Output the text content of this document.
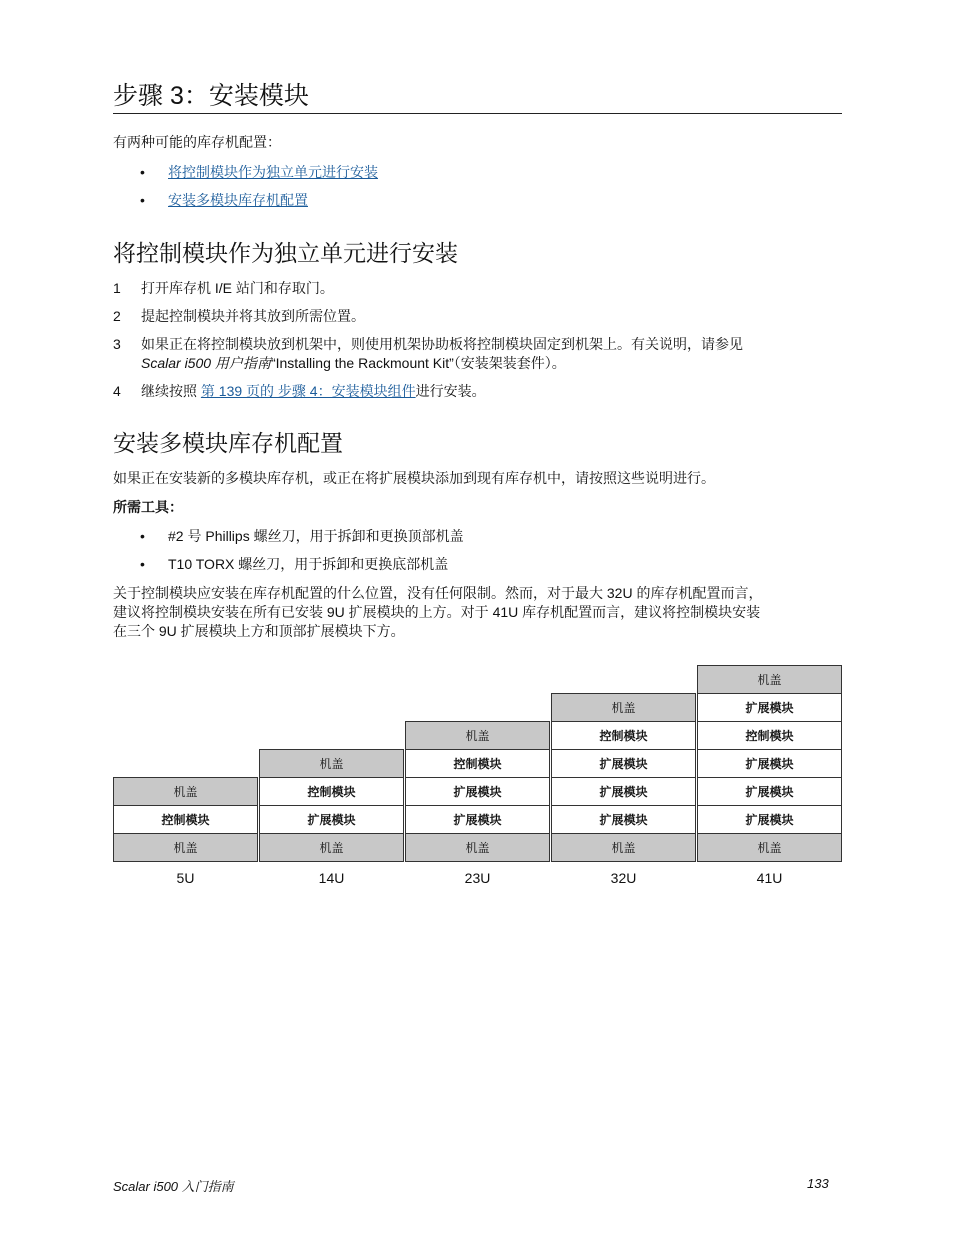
步骤 3：安装模块

有两种可能的库存机配置：

• 将控制模块作为独立单元进行安装
• 安装多模块库存机配置
将控制模块作为独立单元进行安装
1 打开库存机 I/E 站门和存取门。
2 提起控制模块并将其放到所需位置。
3 如果正在将控制模块放到机架中，则使用机架协助板将控制模块固定到机架上。有关说明，请参见
Scalar i500 用户指南“Installing the Rackmount Kit”（安装架装套件）。
4 继续按照 第 139 页的 步骤 4：安装模块组件进行安装。
安装多模块库存机配置

如果正在安装新的多模块库存机，或正在将扩展模块添加到现有库存机中，请按照这些说明进行。

所需工具：

• #2 号 Phillips 螺丝刀，用于拆卸和更换顶部机盖
• T10 TORX 螺丝刀，用于拆卸和更换底部机盖

关于控制模块应安装在库存机配置的什么位置，没有任何限制。然而，对于最大 32U 的库存机配置而言，
建议将控制模块安装在所有已安装 9U 扩展模块的上方。对于 41U 库存机配置而言，建议将控制模块安装
在三个 9U 扩展模块上方和顶部扩展模块下方。

机盖
控制模块
机盖
5U
机盖
控制模块
扩展模块
机盖
14U
机盖
控制模块
扩展模块
扩展模块
机盖
23U
机盖
控制模块
扩展模块
扩展模块
扩展模块
机盖
32U
机盖
扩展模块
控制模块
扩展模块
扩展模块
扩展模块
机盖
41U
Scalar i500 入门指南	133
